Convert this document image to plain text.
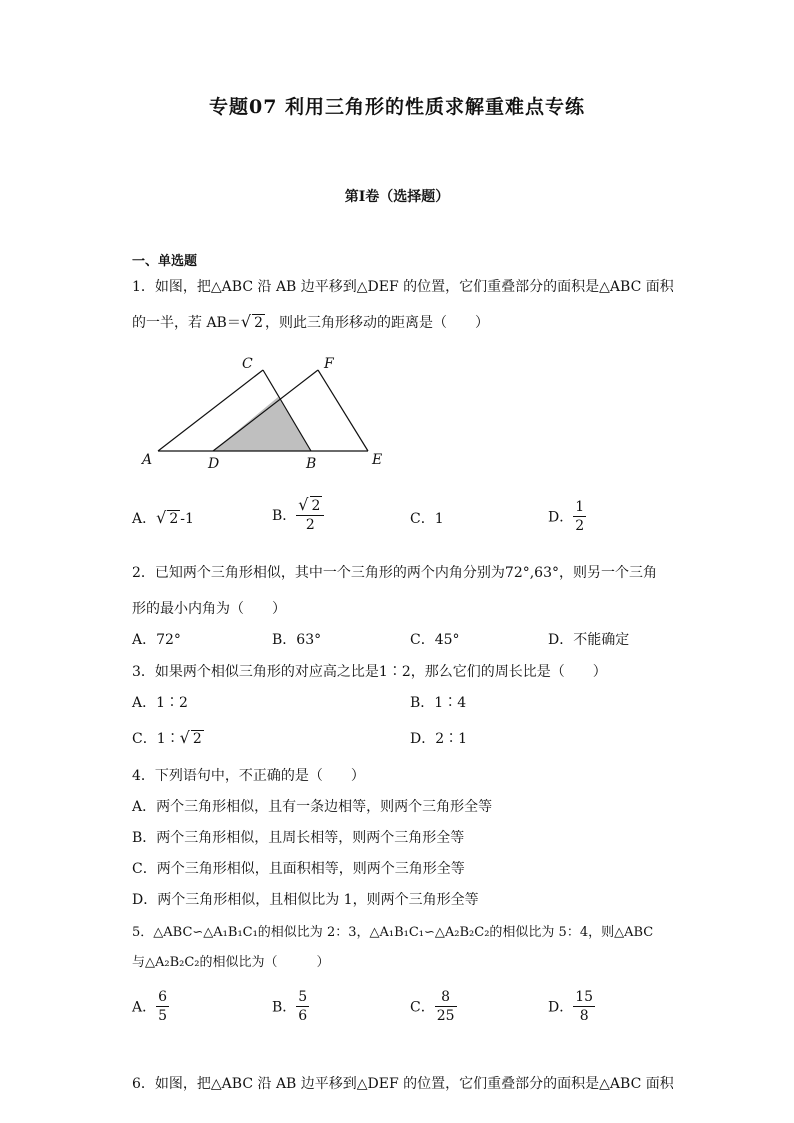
专题07 利用三角形的性质求解重难点专练
第I卷（选择题）
一、单选题
1．如图，把△ABC 沿 AB 边平移到△DEF 的位置，它们重叠部分的面积是△ABC 面积
的一半，若 AB＝√ 2 ，则此三角形移动的距离是（　　）
A	D	B	E
C	F
A．√ 2 -1	B． $\frac{√ 2}{2}$	C．1	D． $\frac{1}{2}$
2．已知两个三角形相似，其中一个三角形的两个内角分别为72°,63°，则另一个三角
形的最小内角为（　　）
A．72°	B．63°	C．45°	D．不能确定
3．如果两个相似三角形的对应高之比是1∶2，那么它们的周长比是（　　）
A．1∶2	B．1∶4
C．1∶√ 2	D．2∶1
4．下列语句中，不正确的是（　　）
A．两个三角形相似，且有一条边相等，则两个三角形全等
B．两个三角形相似，且周长相等，则两个三角形全等
C．两个三角形相似，且面积相等，则两个三角形全等
D．两个三角形相似，且相似比为 1，则两个三角形全等
5．△ABC∽△A₁B₁C₁的相似比为 2：3，△A₁B₁C₁∽△A₂B₂C₂的相似比为 5：4，则△ABC
与△A₂B₂C₂的相似比为（　　　）
A． $\frac{6}{5}$	B． $\frac{5}{6}$	C． $\frac{8}{25}$	D． $\frac{15}{8}$
6．如图，把△ABC 沿 AB 边平移到△DEF 的位置，它们重叠部分的面积是△ABC 面积
